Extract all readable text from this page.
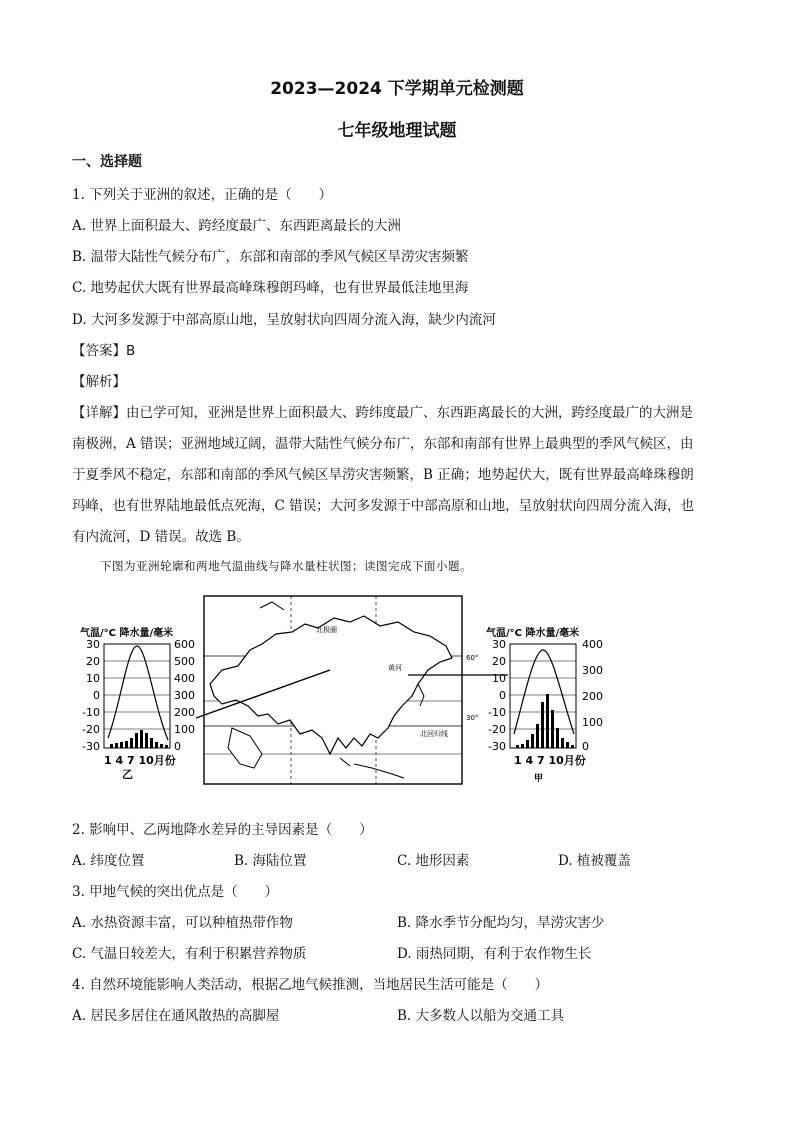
2023—2024 下学期单元检测题
七年级地理试题
一、选择题
1. 下列关于亚洲的叙述，正确的是（　　）
A. 世界上面积最大、跨经度最广、东西距离最长的大洲
B. 温带大陆性气候分布广，东部和南部的季风气候区旱涝灾害频繁
C. 地势起伏大既有世界最高峰珠穆朗玛峰，也有世界最低洼地里海
D. 大河多发源于中部高原山地，呈放射状向四周分流入海，缺少内流河
【答案】B
【解析】
【详解】由已学可知，亚洲是世界上面积最大、跨纬度最广、东西距离最长的大洲，跨经度最广的大洲是
南极洲，A 错误；亚洲地域辽阔，温带大陆性气候分布广，东部和南部有世界上最典型的季风气候区，由
于夏季风不稳定，东部和南部的季风气候区旱涝灾害频繁，B 正确；地势起伏大，既有世界最高峰珠穆朗
玛峰，也有世界陆地最低点死海，C 错误；大河多发源于中部高原和山地，呈放射状向四周分流入海，也
有内流河，D 错误。故选 B。
下图为亚洲轮廓和两地气温曲线与降水量柱状图；读图完成下面小题。
气温/°C 降水量/毫米
30
20
10
0
-10
-20
-30
600
500
400
300
200
100
0
1 4 7 10月份
乙
北极圈
黄河
北回归线
60°
30°
气温/°C 降水量/毫米
30
20
10
0
-10
-20
-30
400
300
200
100
0
1 4 7 10月份
甲
2. 影响甲、乙两地降水差异的主导因素是（　　）
A. 纬度位置	B. 海陆位置	C. 地形因素	D. 植被覆盖
3. 甲地气候的突出优点是（　　）
A. 水热资源丰富，可以种植热带作物	B. 降水季节分配均匀，旱涝灾害少
C. 气温日较差大，有利于积累营养物质	D. 雨热同期，有利于农作物生长
4. 自然环境能影响人类活动，根据乙地气候推测，当地居民生活可能是（　　）
A. 居民多居住在通风散热的高脚屋	B. 大多数人以船为交通工具
